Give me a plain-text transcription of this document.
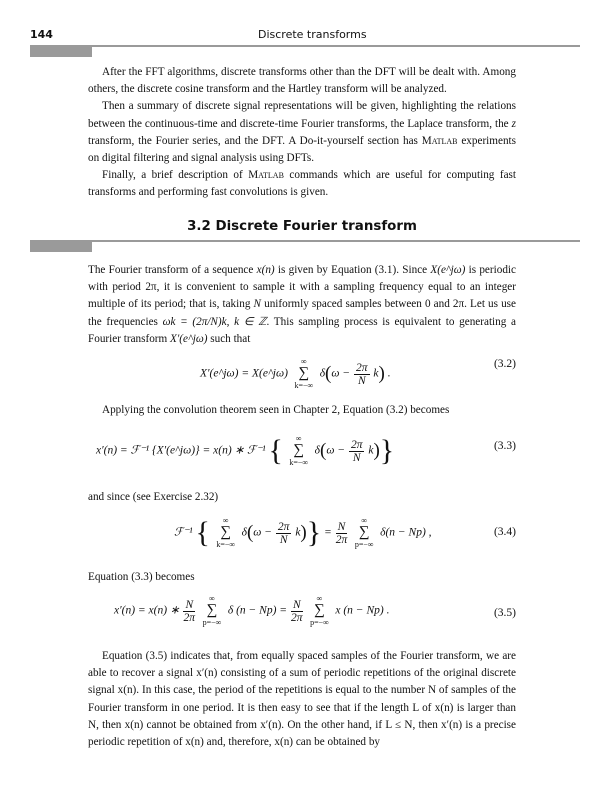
144	Discrete transforms

After the FFT algorithms, discrete transforms other than the DFT will be dealt with. Among others, the discrete cosine transform and the Hartley transform will be analyzed.

Then a summary of discrete signal representations will be given, highlighting the relations between the continuous-time and discrete-time Fourier transforms, the Laplace transform, the z transform, the Fourier series, and the DFT. A Do-it-yourself section has Matlab experiments on digital filtering and signal analysis using DFTs.

Finally, a brief description of Matlab commands which are useful for computing fast transforms and performing fast convolutions is given.

3.2 Discrete Fourier transform

The Fourier transform of a sequence x(n) is given by Equation (3.1). Since X(e^jω) is periodic with period 2π, it is convenient to sample it with a sampling frequency equal to an integer multiple of its period; that is, taking N uniformly spaced samples between 0 and 2π. Let us use the frequencies ωk = (2π/N)k, k ∈ ℤ. This sampling process is equivalent to generating a Fourier transform X′(e^jω) such that

X′(e^jω) = X(e^jω)
∞
∑
k=−∞
$\delta(\omega - \frac{2\pi}{N} k)$ .
(3.2)

Applying the convolution theorem seen in Chapter 2, Equation (3.2) becomes

x′(n) = ℱ⁻¹ {X′(e^jω)} = x(n) ∗ ℱ⁻¹ {	∞
∑
k=−∞
$\delta(\omega - \frac{2\pi}{N} k)$}	(3.3)

and since (see Exercise 2.32)

ℱ⁻¹ {	∞
∑
k=−∞
$\delta(\omega - \frac{2\pi}{N} k)\} = \frac{N}{2\pi}$
	∞
∑
p=−∞
δ(n − Np) ,	(3.4)

Equation (3.3) becomes

x′(n) = x(n) ∗ $\frac{N}{2\pi}$
	∞
∑
p=−∞
δ $(n - Np) = \frac{N}{2\pi}$
	∞
∑
p=−∞
x (n − Np) .	(3.5)

Equation (3.5) indicates that, from equally spaced samples of the Fourier transform, we are able to recover a signal x′(n) consisting of a sum of periodic repetitions of the original discrete signal x(n). In this case, the period of the repetitions is equal to the number N of samples of the Fourier transform in one period. It is then easy to see that if the length L of x(n) is larger than N, then x(n) cannot be obtained from x′(n). On the other hand, if L ≤ N, then x′(n) is a precise periodic repetition of x(n) and, therefore, x(n) can be obtained by
